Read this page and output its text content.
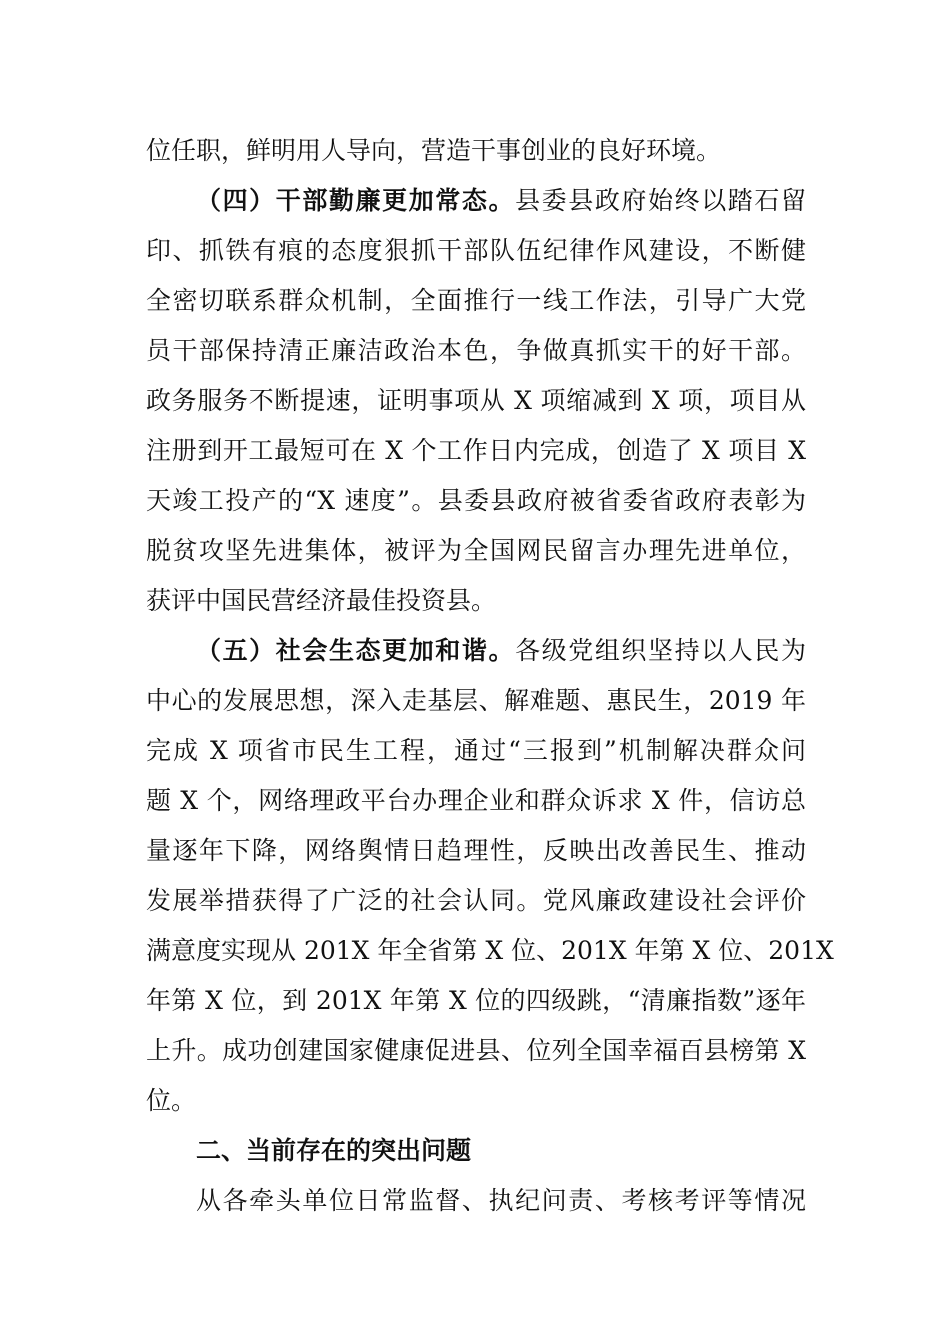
位任职，鲜明用人导向，营造干事创业的良好环境。
（四）干部勤廉更加常态。县委县政府始终以踏石留
印、抓铁有痕的态度狠抓干部队伍纪律作风建设，不断健
全密切联系群众机制，全面推行一线工作法，引导广大党
员干部保持清正廉洁政治本色，争做真抓实干的好干部。
政务服务不断提速，证明事项从 X 项缩减到 X 项，项目从
注册到开工最短可在 X 个工作日内完成，创造了 X 项目 X
天竣工投产的“X 速度”。县委县政府被省委省政府表彰为
脱贫攻坚先进集体，被评为全国网民留言办理先进单位，
获评中国民营经济最佳投资县。
（五）社会生态更加和谐。各级党组织坚持以人民为
中心的发展思想，深入走基层、解难题、惠民生，2019 年
完成 X 项省市民生工程，通过“三报到”机制解决群众问
题 X 个，网络理政平台办理企业和群众诉求 X 件，信访总
量逐年下降，网络舆情日趋理性，反映出改善民生、推动
发展举措获得了广泛的社会认同。党风廉政建设社会评价
满意度实现从 201X 年全省第 X 位、201X 年第 X 位、201X
年第 X 位，到 201X 年第 X 位的四级跳，“清廉指数”逐年
上升。成功创建国家健康促进县、位列全国幸福百县榜第 X
位。
二、当前存在的突出问题
从各牵头单位日常监督、执纪问责、考核考评等情况
